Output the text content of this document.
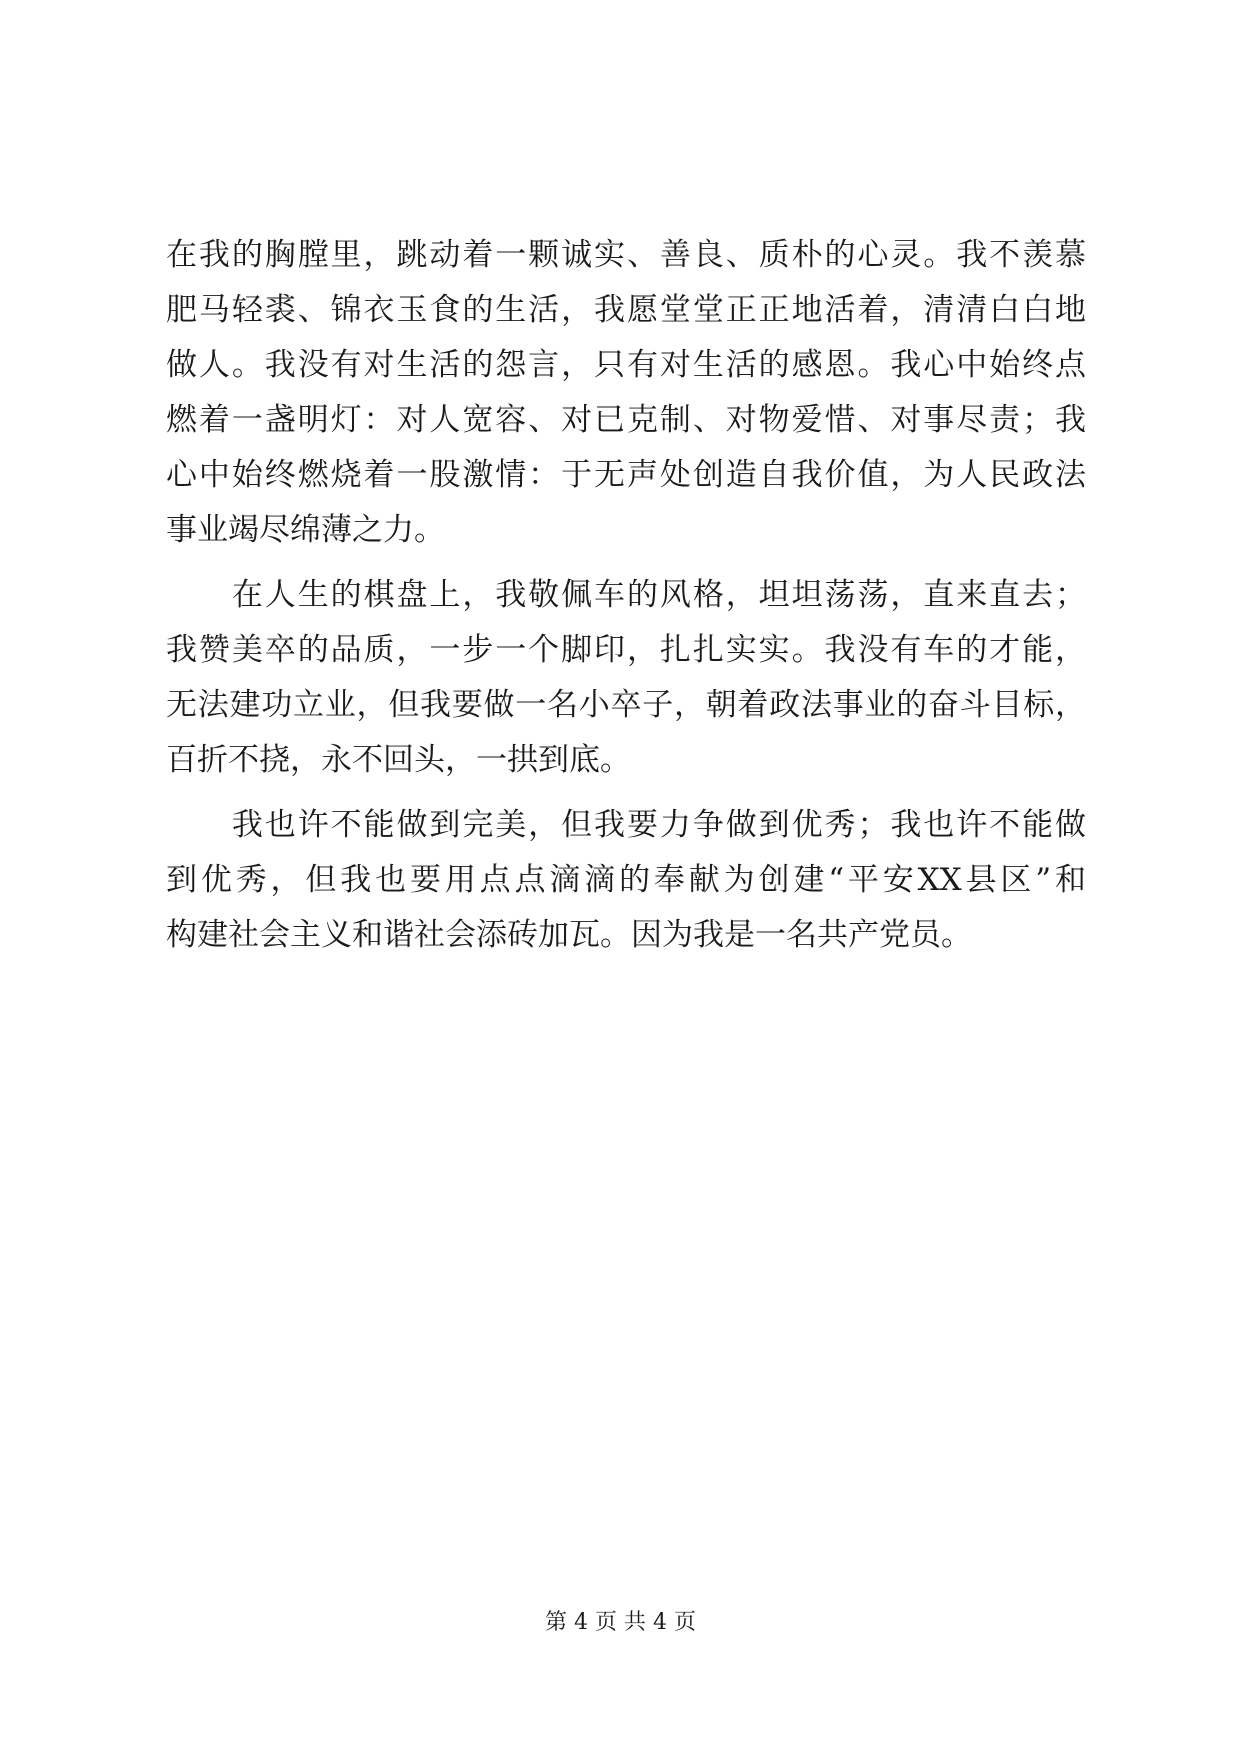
在我的胸膛里，跳动着一颗诚实、善良、质朴的心灵。我不羡慕
肥马轻裘、锦衣玉食的生活，我愿堂堂正正地活着，清清白白地
做人。我没有对生活的怨言，只有对生活的感恩。我心中始终点
燃着一盏明灯：对人宽容、对已克制、对物爱惜、对事尽责；我
心中始终燃烧着一股激情：于无声处创造自我价值，为人民政法
事业竭尽绵薄之力。
　　在人生的棋盘上，我敬佩车的风格，坦坦荡荡，直来直去；
我赞美卒的品质，一步一个脚印，扎扎实实。我没有车的才能，
无法建功立业，但我要做一名小卒子，朝着政法事业的奋斗目标，
百折不挠，永不回头，一拱到底。
　　我也许不能做到完美，但我要力争做到优秀；我也许不能做
到优秀，但我也要用点点滴滴的奉献为创建“平安XX县区”和
构建社会主义和谐社会添砖加瓦。因为我是一名共产党员。
第 4 页 共 4 页
